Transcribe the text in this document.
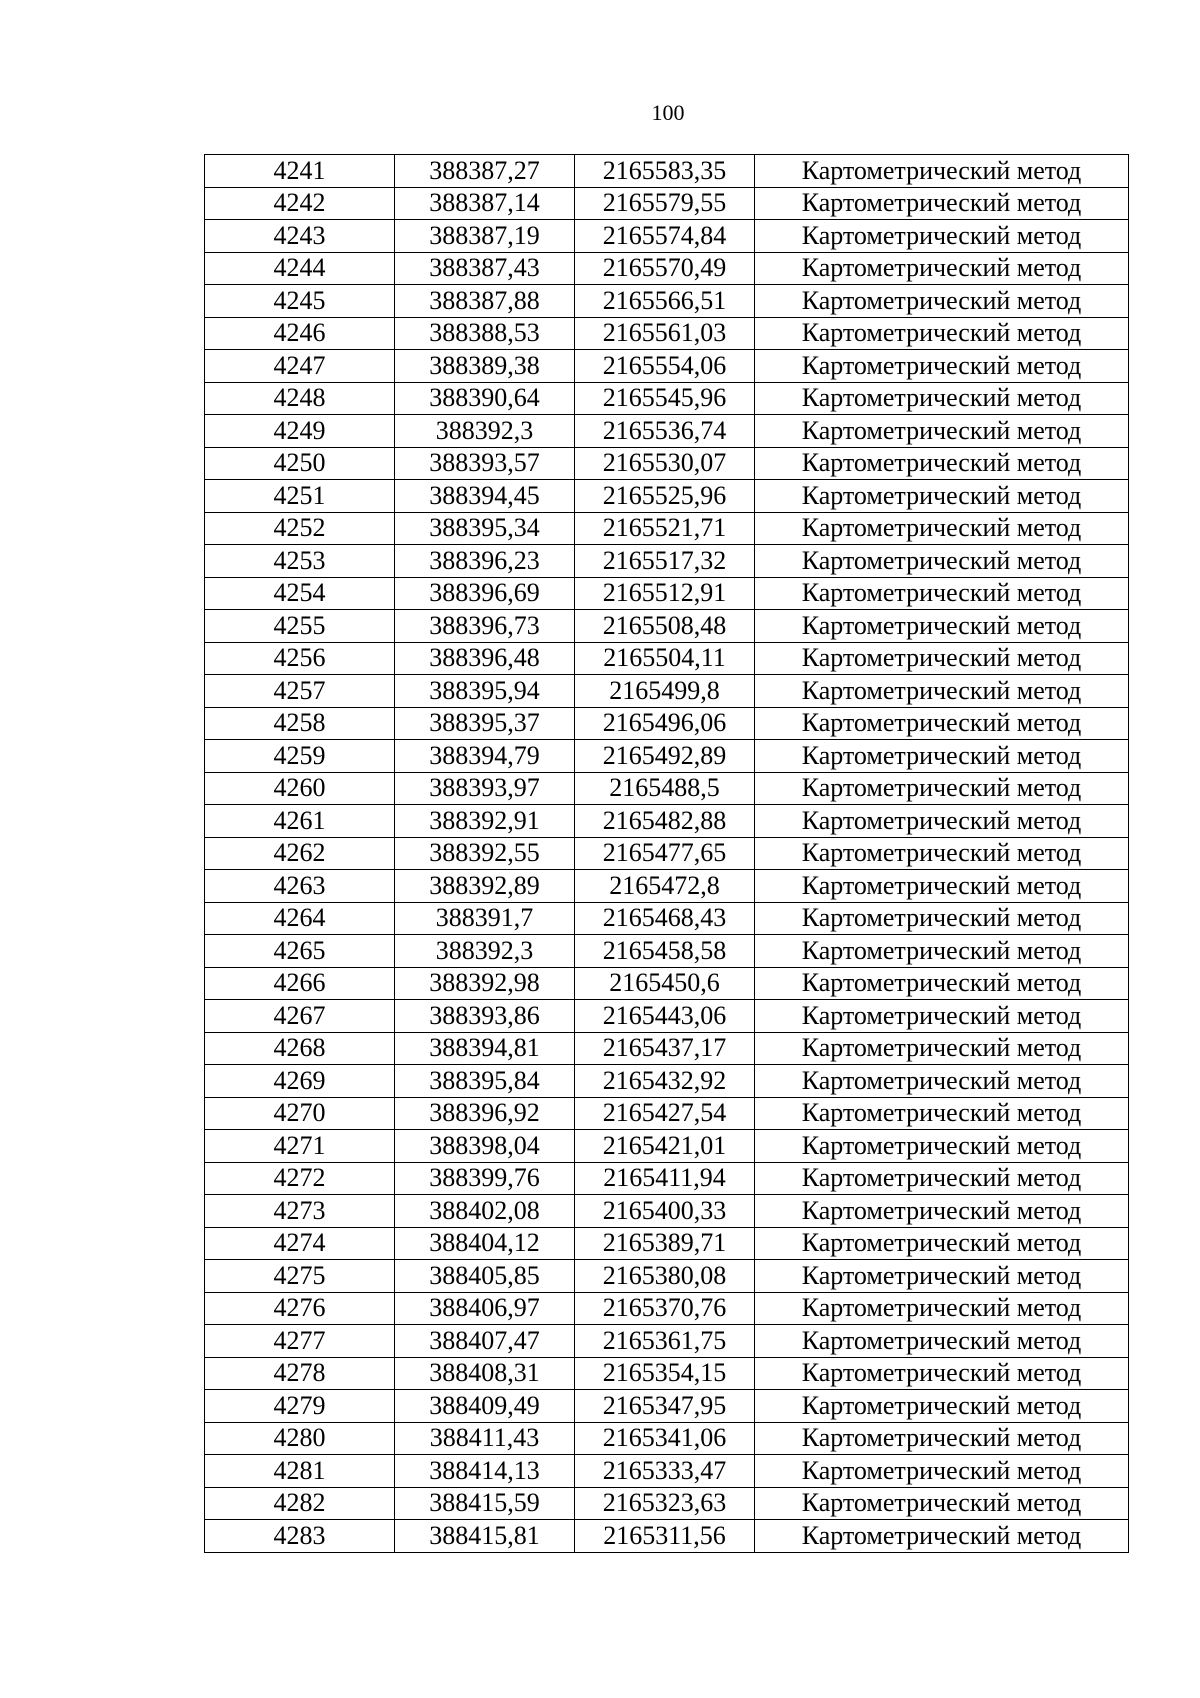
100
4241	388387,27	2165583,35	Картометрический метод
4242	388387,14	2165579,55	Картометрический метод
4243	388387,19	2165574,84	Картометрический метод
4244	388387,43	2165570,49	Картометрический метод
4245	388387,88	2165566,51	Картометрический метод
4246	388388,53	2165561,03	Картометрический метод
4247	388389,38	2165554,06	Картометрический метод
4248	388390,64	2165545,96	Картометрический метод
4249	388392,3	2165536,74	Картометрический метод
4250	388393,57	2165530,07	Картометрический метод
4251	388394,45	2165525,96	Картометрический метод
4252	388395,34	2165521,71	Картометрический метод
4253	388396,23	2165517,32	Картометрический метод
4254	388396,69	2165512,91	Картометрический метод
4255	388396,73	2165508,48	Картометрический метод
4256	388396,48	2165504,11	Картометрический метод
4257	388395,94	2165499,8	Картометрический метод
4258	388395,37	2165496,06	Картометрический метод
4259	388394,79	2165492,89	Картометрический метод
4260	388393,97	2165488,5	Картометрический метод
4261	388392,91	2165482,88	Картометрический метод
4262	388392,55	2165477,65	Картометрический метод
4263	388392,89	2165472,8	Картометрический метод
4264	388391,7	2165468,43	Картометрический метод
4265	388392,3	2165458,58	Картометрический метод
4266	388392,98	2165450,6	Картометрический метод
4267	388393,86	2165443,06	Картометрический метод
4268	388394,81	2165437,17	Картометрический метод
4269	388395,84	2165432,92	Картометрический метод
4270	388396,92	2165427,54	Картометрический метод
4271	388398,04	2165421,01	Картометрический метод
4272	388399,76	2165411,94	Картометрический метод
4273	388402,08	2165400,33	Картометрический метод
4274	388404,12	2165389,71	Картометрический метод
4275	388405,85	2165380,08	Картометрический метод
4276	388406,97	2165370,76	Картометрический метод
4277	388407,47	2165361,75	Картометрический метод
4278	388408,31	2165354,15	Картометрический метод
4279	388409,49	2165347,95	Картометрический метод
4280	388411,43	2165341,06	Картометрический метод
4281	388414,13	2165333,47	Картометрический метод
4282	388415,59	2165323,63	Картометрический метод
4283	388415,81	2165311,56	Картометрический метод
